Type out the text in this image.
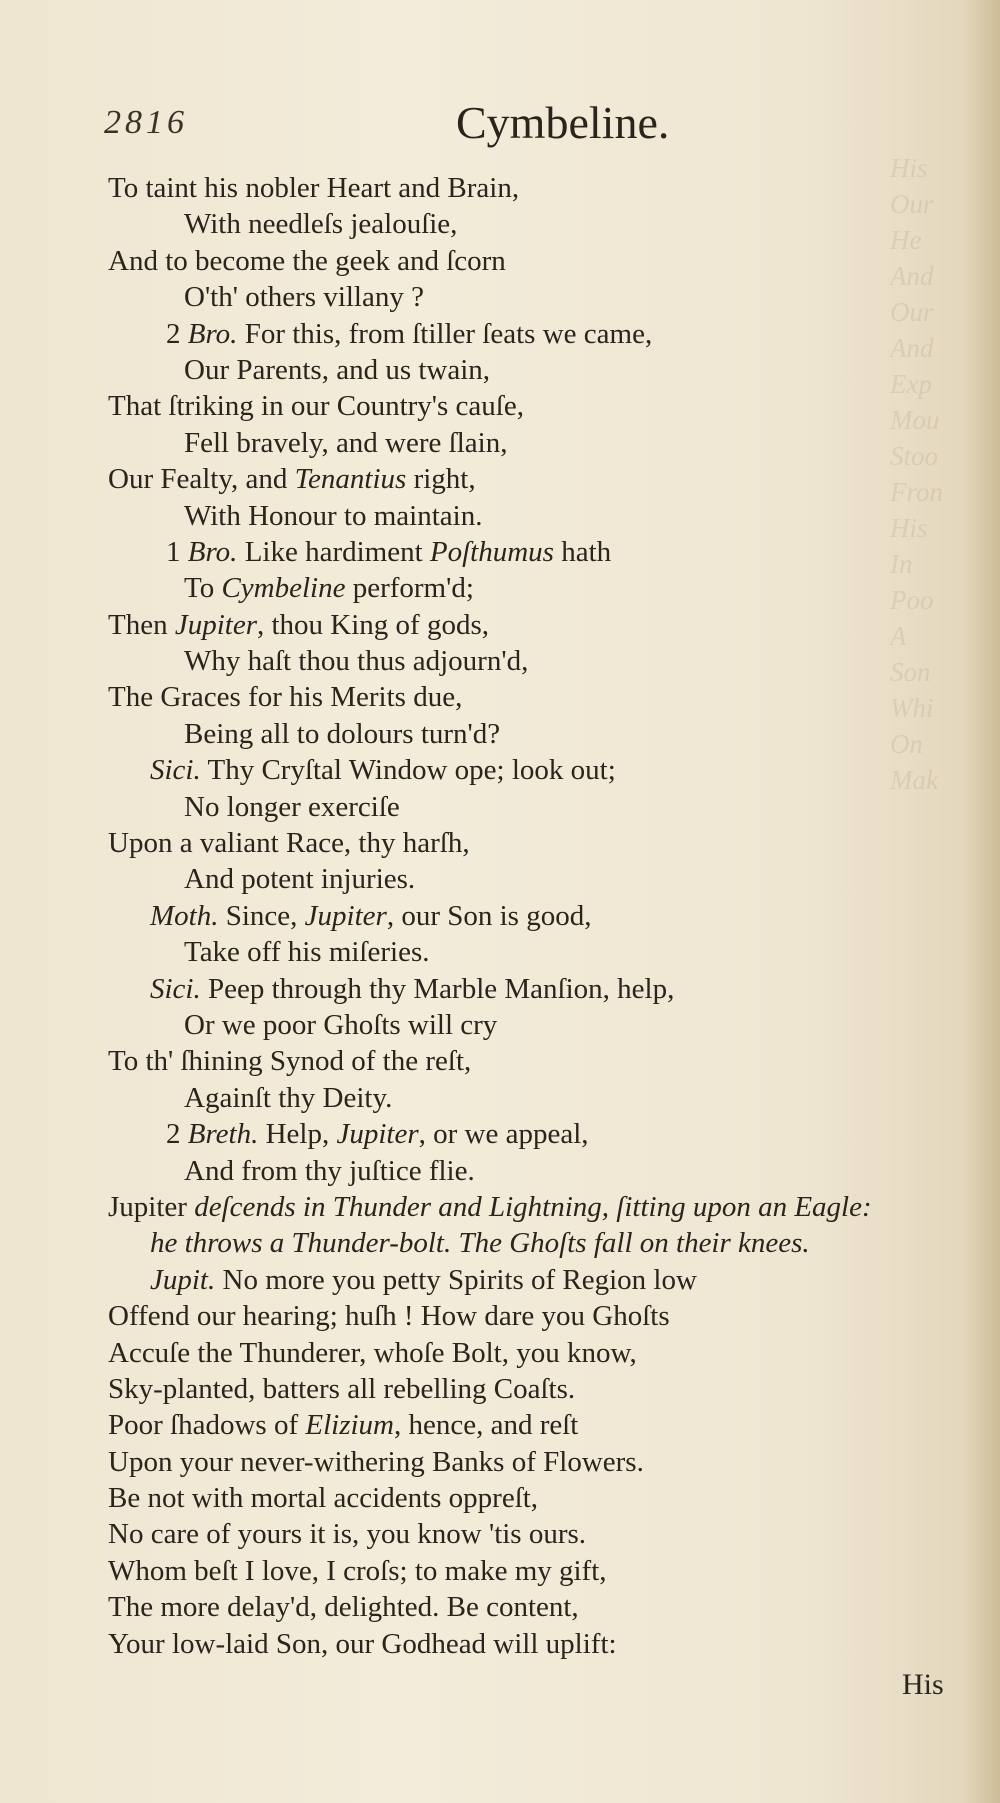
His
Our
He
And
Our
And
Exp
Mou
Stoo
Fron
His
In
Poo
A
Son
Whi
On
Mak
2816	Cymbeline.
To taint his nobler Heart and Brain,
With needleſs jealouſie,
And to become the geek and ſcorn
O'th' others villany ?
2 Bro. For this, from ſtiller ſeats we came,
Our Parents, and us twain,
That ſtriking in our Country's cauſe,
Fell bravely, and were ſlain,
Our Fealty, and Tenantius right,
With Honour to maintain.
1 Bro. Like hardiment Poſthumus hath
To Cymbeline perform'd;
Then Jupiter, thou King of gods,
Why haſt thou thus adjourn'd,
The Graces for his Merits due,
Being all to dolours turn'd?
Sici. Thy Cryſtal Window ope; look out;
No longer exerciſe
Upon a valiant Race, thy harſh,
And potent injuries.
Moth. Since, Jupiter, our Son is good,
Take off his miſeries.
Sici. Peep through thy Marble Manſion, help,
Or we poor Ghoſts will cry
To th' ſhining Synod of the reſt,
Againſt thy Deity.
2 Breth. Help, Jupiter, or we appeal,
And from thy juſtice flie.
Jupiter deſcends in Thunder and Lightning, ſitting upon an Eagle:
he throws a Thunder-bolt. The Ghoſts fall on their knees.
Jupit. No more you petty Spirits of Region low
Offend our hearing; huſh ! How dare you Ghoſts
Accuſe the Thunderer, whoſe Bolt, you know,
Sky-planted, batters all rebelling Coaſts.
Poor ſhadows of Elizium, hence, and reſt
Upon your never-withering Banks of Flowers.
Be not with mortal accidents oppreſt,
No care of yours it is, you know 'tis ours.
Whom beſt I love, I croſs; to make my gift,
The more delay'd, delighted. Be content,
Your low-laid Son, our Godhead will uplift:
His
